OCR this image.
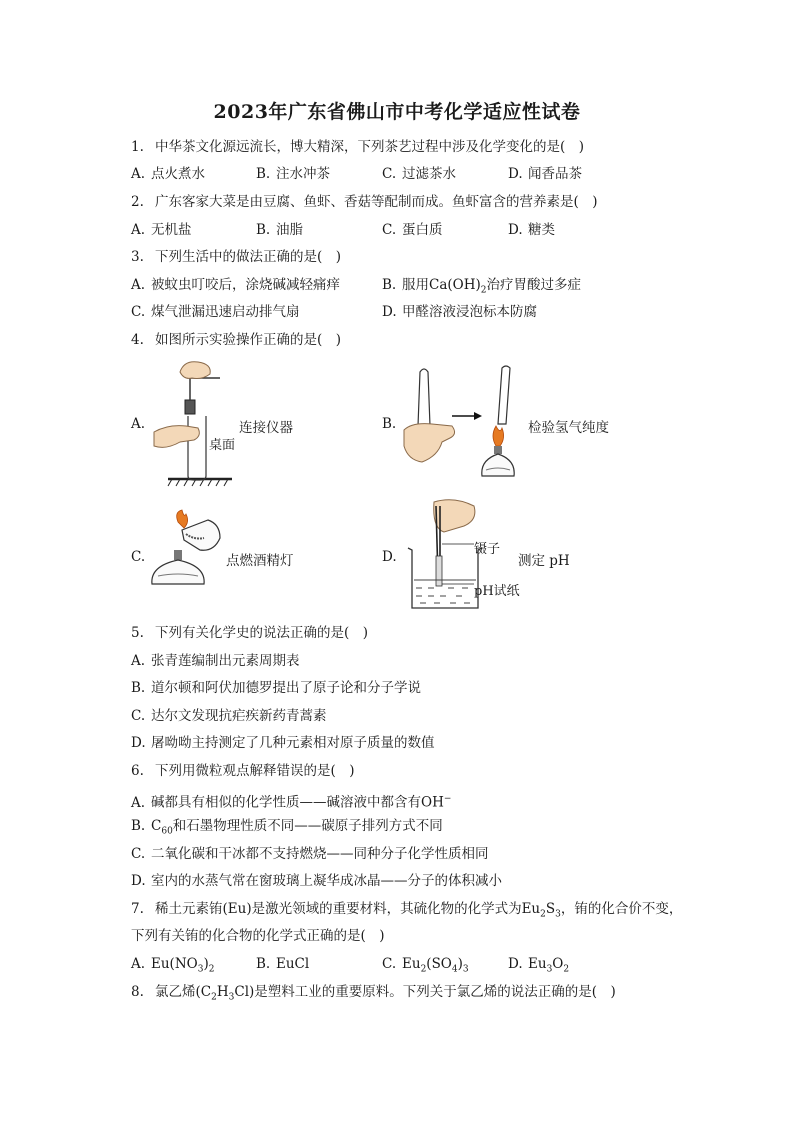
2023年广东省佛山市中考化学适应性试卷
1. 中华茶文化源远流长，博大精深，下列茶艺过程中涉及化学变化的是(　)
A. 点火煮水	B. 注水冲茶	C. 过滤茶水	D. 闻香品茶
2. 广东客家大菜是由豆腐、鱼虾、香菇等配制而成。鱼虾富含的营养素是(　)
A. 无机盐	B. 油脂	C. 蛋白质	D. 糖类
3. 下列生活中的做法正确的是(　)
A. 被蚊虫叮咬后，涂烧碱减轻痛痒	B. 服用$Ca(OH)_2$治疗胃酸过多症
C. 煤气泄漏迅速启动排气扇	D. 甲醛溶液浸泡标本防腐
4. 如图所示实验操作正确的是(　)
A.
桌面
连接仪器	B.	检验氢气纯度
C.	点燃酒精灯	D.	镊子
pH试纸
测定 pH
5. 下列有关化学史的说法正确的是(　)
A. 张青莲编制出元素周期表
B. 道尔顿和阿伏加德罗提出了原子论和分子学说
C. 达尔文发现抗疟疾新药青蒿素
D. 屠呦呦主持测定了几种元素相对原子质量的数值
6. 下列用微粒观点解释错误的是(　)
A. 碱都具有相似的化学性质——碱溶液中都含有OH−
B. $C_{60}$和石墨物理性质不同——碳原子排列方式不同
C. 二氧化碳和干冰都不支持燃烧——同种分子化学性质相同
D. 室内的水蒸气常在窗玻璃上凝华成冰晶——分子的体积减小
7. 稀土元素铕(Eu)是激光领域的重要材料，其硫化物的化学式为$Eu_2S_3$，铕的化合价不变，
下列有关铕的化合物的化学式正确的是(　)
A. $Eu(NO_3)_2$	B. EuCl	C. $Eu_2(SO_4)_3$	D. $Eu_3O_2$
8. 氯乙烯$(C_2H_3Cl)$是塑料工业的重要原料。下列关于氯乙烯的说法正确的是(　)
